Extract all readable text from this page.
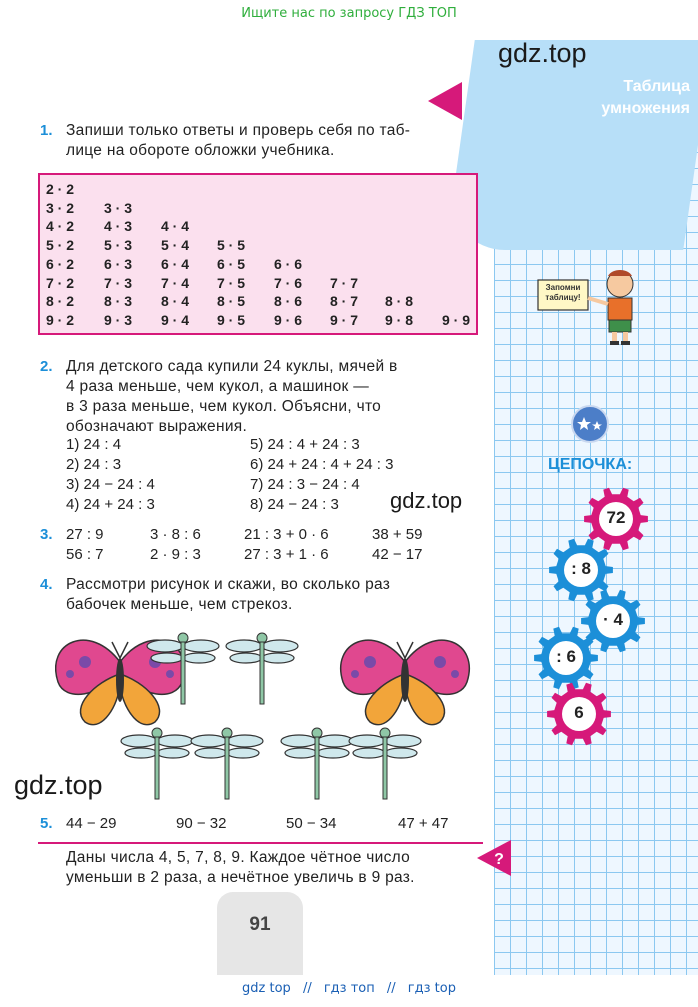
Таблица
умножения
Ищите нас по запросу ГДЗ ТОП
gdz.top
gdz.top
gdz.top
1. Запиши только ответы и проверь себя по таб-
лице на обороте обложки учебника.
2 · 2
3 · 2 3 · 3
4 · 2 4 · 3 4 · 4
5 · 2 5 · 3 5 · 4 5 · 5
6 · 2 6 · 3 6 · 4 6 · 5 6 · 6
7 · 2 7 · 3 7 · 4 7 · 5 7 · 6 7 · 7
8 · 2 8 · 3 8 · 4 8 · 5 8 · 6 8 · 7 8 · 8
9 · 2 9 · 3 9 · 4 9 · 5 9 · 6 9 · 7 9 · 8 9 · 9
2. Для детского сада купили 24 куклы, мячей в
4 раза меньше, чем кукол, а машинок —
в 3 раза меньше, чем кукол. Объясни, что
обозначают выражения.
1) 24 : 4
2) 24 : 3
3) 24 − 24 : 4
4) 24 + 24 : 3
5) 24 : 4 + 24 : 3
6) 24 + 24 : 4 + 24 : 3
7) 24 : 3 − 24 : 4
8) 24 − 24 : 3
3. 27 : 9	3 · 8 : 6	21 : 3 + 0 · 6	38 + 59
56 : 7	2 · 9 : 3	27 : 3 + 1 · 6	42 − 17
4. Рассмотри рисунок и скажи, во сколько раз
бабочек меньше, чем стрекоз.
5. 44 − 29	90 − 32	50 − 34	47 + 47
?
Даны числа 4, 5, 7, 8, 9. Каждое чётное число
уменьши в 2 раза, а нечётное увеличь в 9 раз.
91
Запомни
таблицу!
ЦЕПОЧКА:
72
: 8
· 4
: 6
6
gdz top // гдз топ // гдз top
